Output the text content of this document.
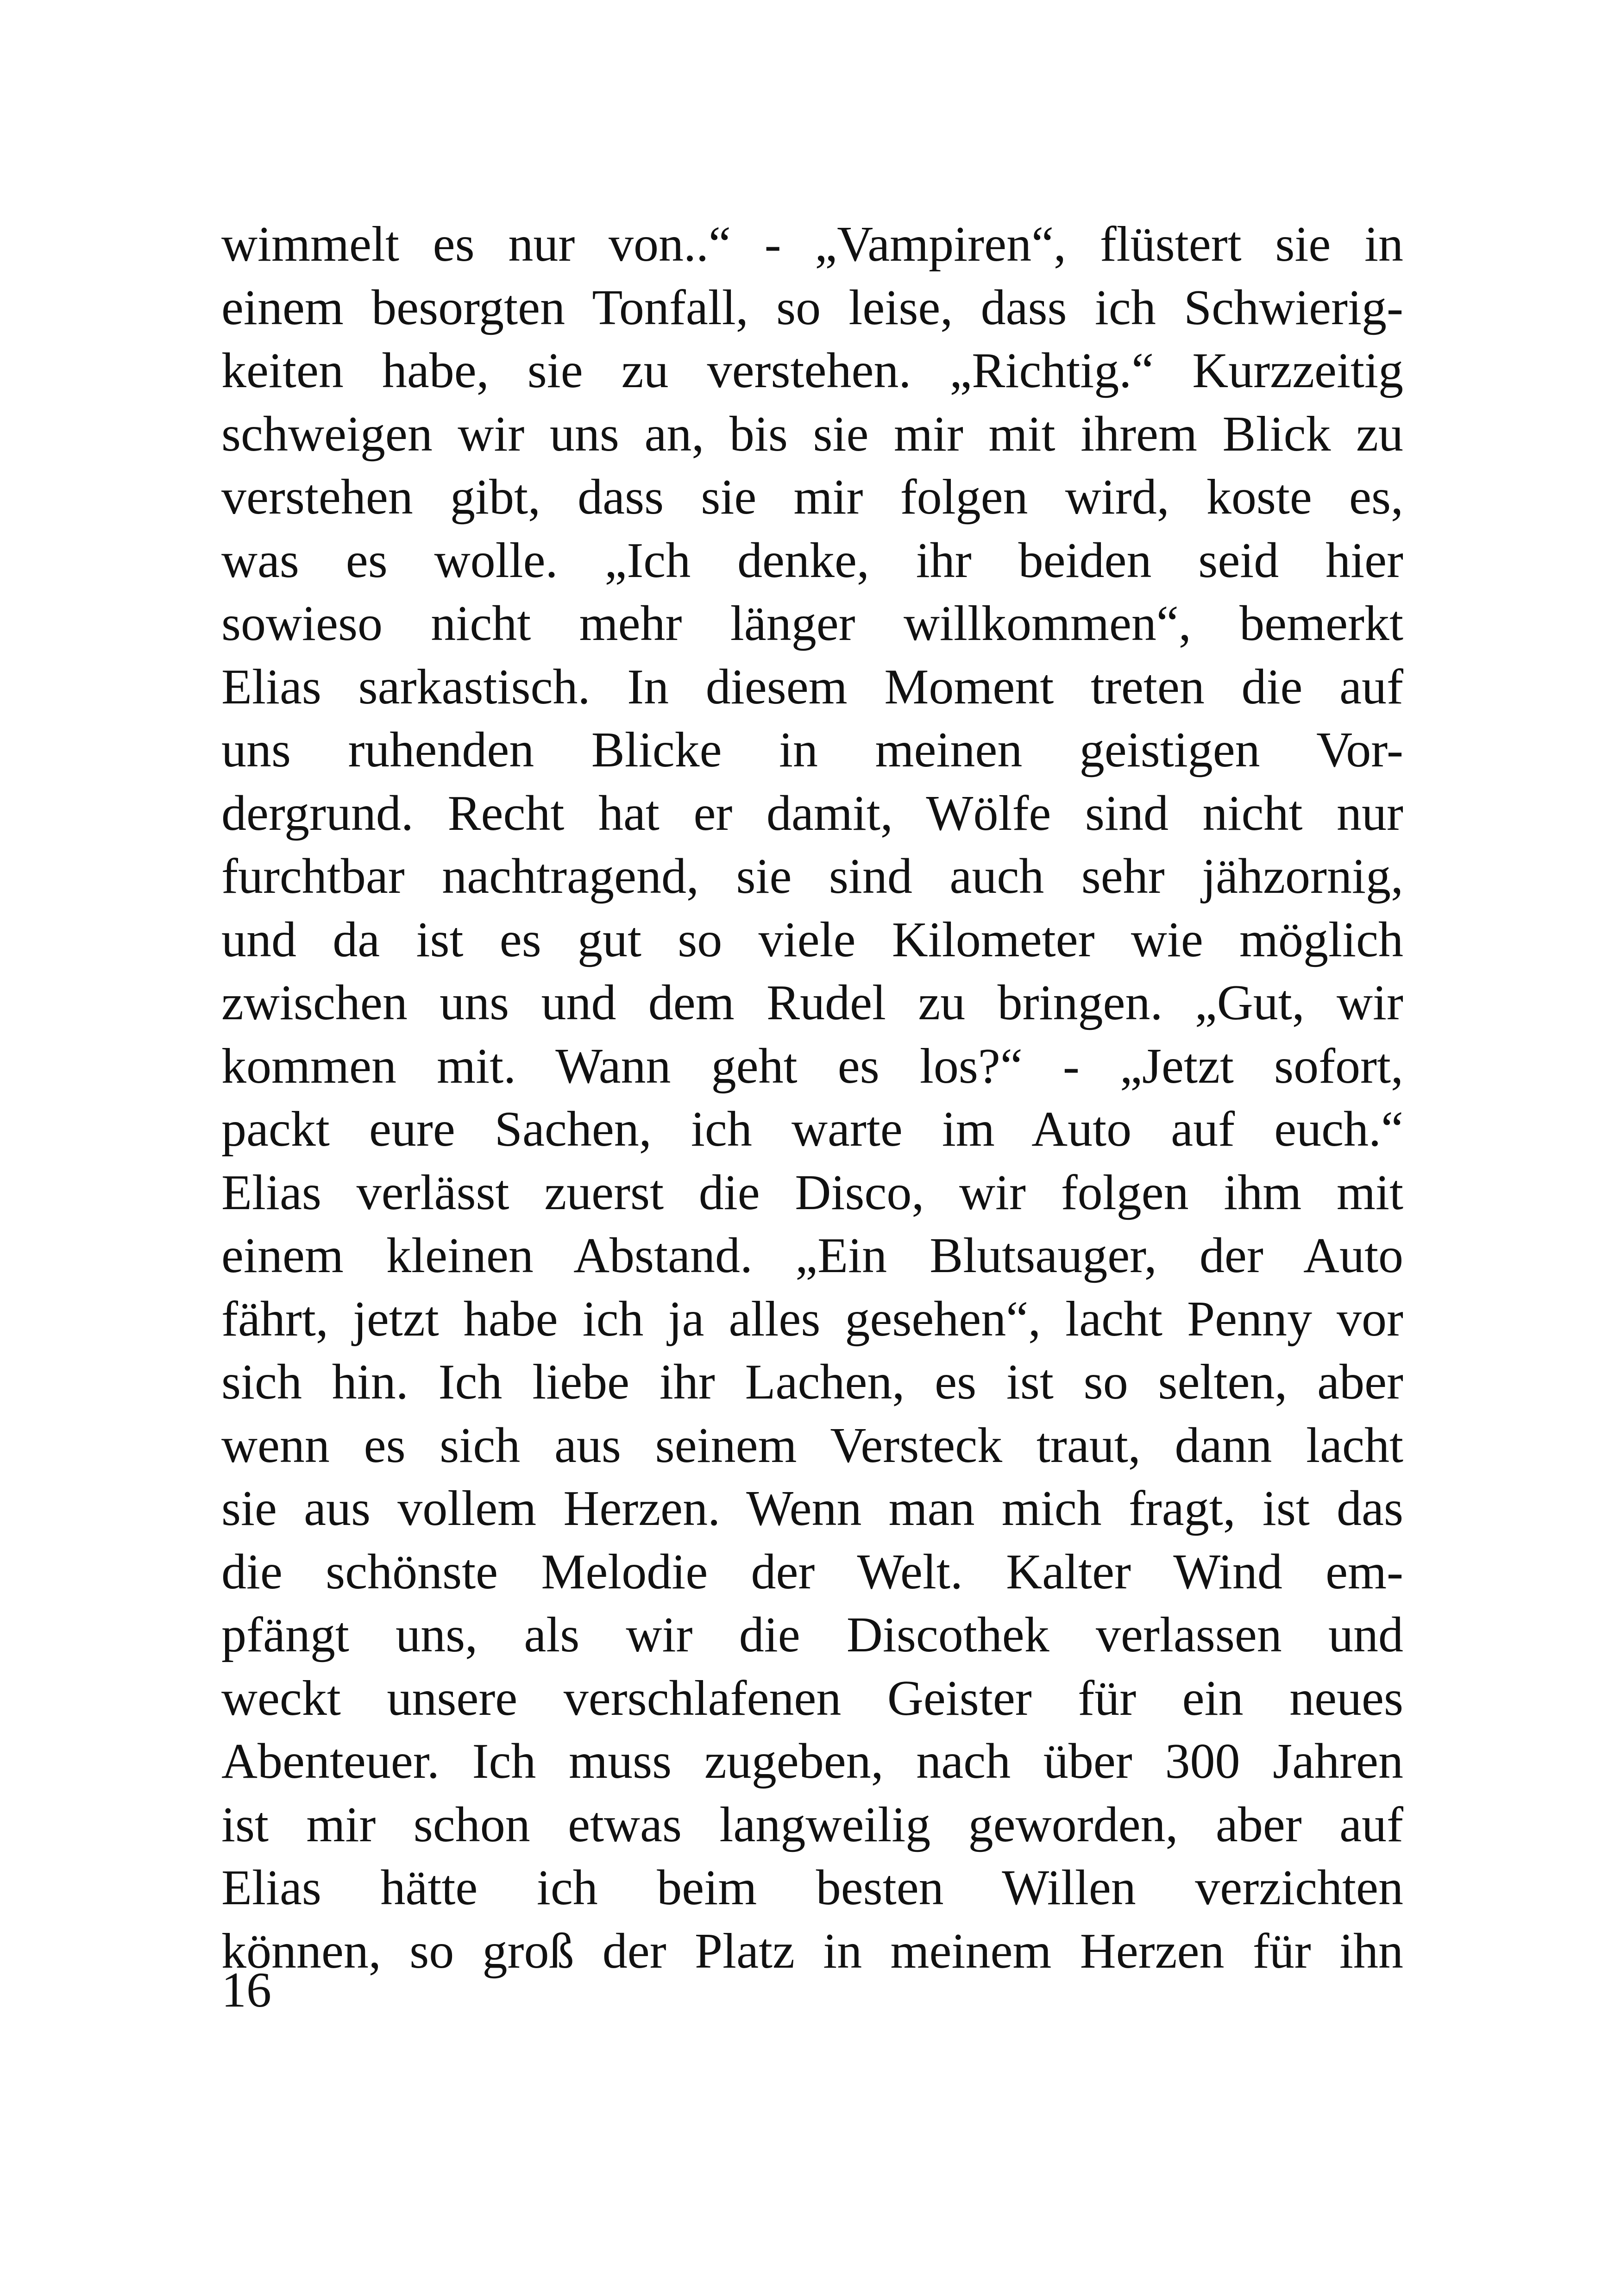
wimmelt es nur von..“ - „Vampiren“, flüstert sie in
einem besorgten Tonfall, so leise, dass ich Schwierig-
keiten habe, sie zu verstehen. „Richtig.“ Kurzzeitig
schweigen wir uns an, bis sie mir mit ihrem Blick zu
verstehen gibt, dass sie mir folgen wird, koste es,
was es wolle. „Ich denke, ihr beiden seid hier
sowieso nicht mehr länger willkommen“, bemerkt
Elias sarkastisch. In diesem Moment treten die auf
uns ruhenden Blicke in meinen geistigen Vor-
dergrund. Recht hat er damit, Wölfe sind nicht nur
furchtbar nachtragend, sie sind auch sehr jähzornig,
und da ist es gut so viele Kilometer wie möglich
zwischen uns und dem Rudel zu bringen. „Gut, wir
kommen mit. Wann geht es los?“ - „Jetzt sofort,
packt eure Sachen, ich warte im Auto auf euch.“
Elias verlässt zuerst die Disco, wir folgen ihm mit
einem kleinen Abstand. „Ein Blutsauger, der Auto
fährt, jetzt habe ich ja alles gesehen“, lacht Penny vor
sich hin. Ich liebe ihr Lachen, es ist so selten, aber
wenn es sich aus seinem Versteck traut, dann lacht
sie aus vollem Herzen. Wenn man mich fragt, ist das
die schönste Melodie der Welt. Kalter Wind em-
pfängt uns, als wir die Discothek verlassen und
weckt unsere verschlafenen Geister für ein neues
Abenteuer. Ich muss zugeben, nach über 300 Jahren
ist mir schon etwas langweilig geworden, aber auf
Elias hätte ich beim besten Willen verzichten
können, so groß der Platz in meinem Herzen für ihn
16
